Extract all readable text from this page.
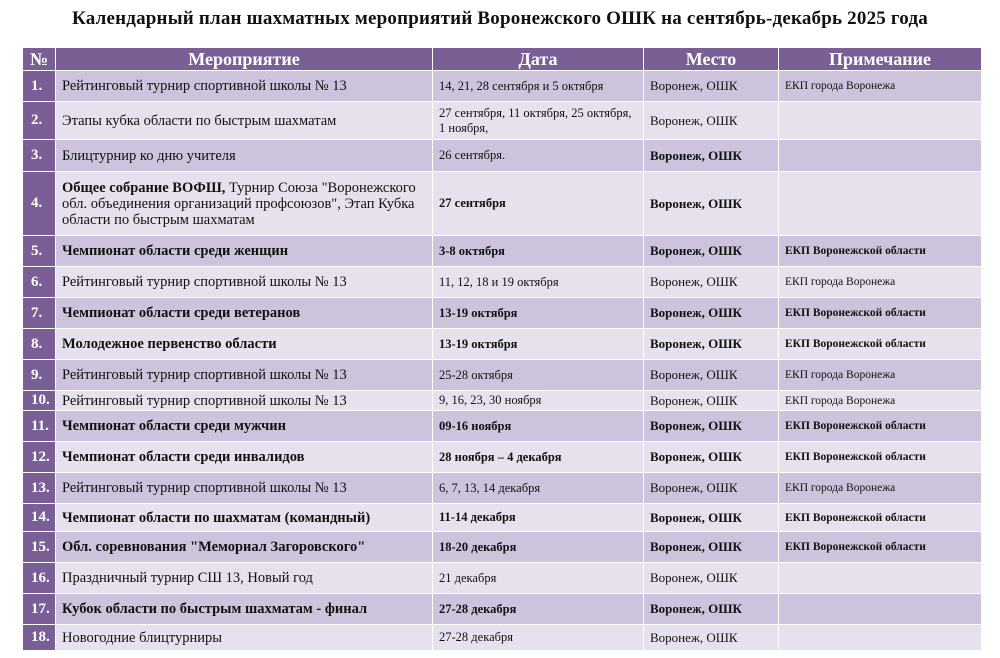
Календарный план шахматных мероприятий Воронежского ОШК на сентябрь-декабрь 2025 года
№	Мероприятие	Дата	Место	Примечание
1.	Рейтинговый турнир спортивной школы № 13	14, 21, 28 сентября и 5 октября	Воронеж, ОШК	ЕКП города Воронежа
2.	Этапы кубка области по быстрым шахматам	27 сентября, 11 октября, 25 октября, 1 ноября,	Воронеж, ОШК	
3.	Блицтурнир ко дню учителя	26 сентября.	Воронеж, ОШК	
4.	Общее собрание ВОФШ, Турнир Союза "Воронежского обл. объединения организаций профсоюзов", Этап Кубка области по быстрым шахматам	27 сентября	Воронеж, ОШК	
5.	Чемпионат области среди женщин	3-8 октября	Воронеж, ОШК	ЕКП Воронежской области
6.	Рейтинговый турнир спортивной школы № 13	11, 12, 18 и 19 октября	Воронеж, ОШК	ЕКП города Воронежа
7.	Чемпионат области среди ветеранов	13-19 октября	Воронеж, ОШК	ЕКП Воронежской области
8.	Молодежное первенство области	13-19 октября	Воронеж, ОШК	ЕКП Воронежской области
9.	Рейтинговый турнир спортивной школы № 13	25-28 октября	Воронеж, ОШК	ЕКП города Воронежа
10.	Рейтинговый турнир спортивной школы № 13	9, 16, 23, 30 ноября	Воронеж, ОШК	ЕКП города Воронежа
11.	Чемпионат области среди мужчин	09-16 ноября	Воронеж, ОШК	ЕКП Воронежской области
12.	Чемпионат области среди инвалидов	28 ноября – 4 декабря	Воронеж, ОШК	ЕКП Воронежской области
13.	Рейтинговый турнир спортивной школы № 13	6, 7, 13, 14 декабря	Воронеж, ОШК	ЕКП города Воронежа
14.	Чемпионат области по шахматам (командный)	11-14 декабря	Воронеж, ОШК	ЕКП Воронежской области
15.	Обл. соревнования "Мемориал Загоровского"	18-20 декабря	Воронеж, ОШК	ЕКП Воронежской области
16.	Праздничный турнир СШ 13, Новый год	21 декабря	Воронеж, ОШК	
17.	Кубок области по быстрым шахматам - финал	27-28 декабря	Воронеж, ОШК	
18.	Новогодние блицтурниры	27-28 декабря	Воронеж, ОШК	
